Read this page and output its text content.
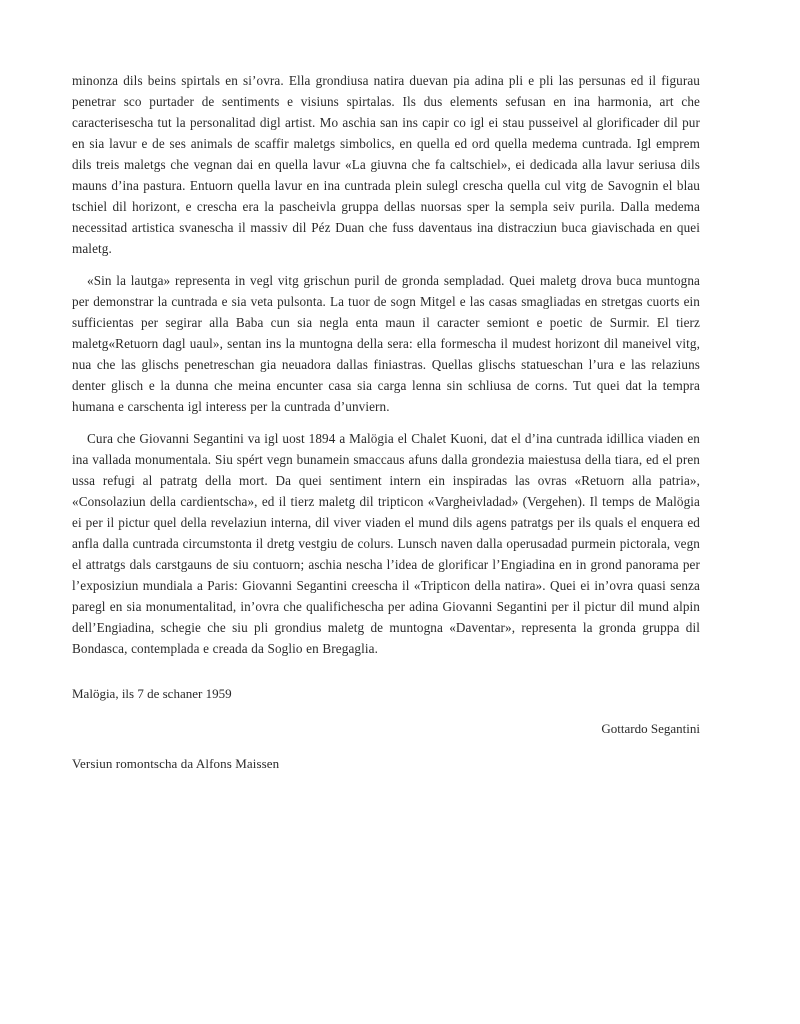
minonza dils beins spirtals en si’ovra. Ella grondiusa natira duevan pia adina pli e pli las persunas ed il figurau penetrar sco purtader de sentiments e visiuns spirtalas. Ils dus elements sefusan en ina harmonia, art che caracterisescha tut la personalitad digl artist. Mo aschia san ins capir co igl ei stau pusseivel al glorificader dil pur en sia lavur e de ses animals de scaffir maletgs simbolics, en quella ed ord quella medema cuntrada. Igl emprem dils treis maletgs che vegnan dai en quella lavur «La giuvna che fa caltschiel», ei dedicada alla lavur seriusa dils mauns d’ina pastura. Entuorn quella lavur en ina cuntrada plein sulegl crescha quella cul vitg de Savognin el blau tschiel dil horizont, e crescha era la pascheivla gruppa dellas nuorsas sper la sempla seiv purila. Dalla medema necessitad artistica svanescha il massiv dil Péz Duan che fuss daventaus ina distracziun buca giavischada en quei maletg.

«Sin la lautga» representa in vegl vitg grischun puril de gronda sempladad. Quei maletg drova buca muntogna per demonstrar la cuntrada e sia veta pulsonta. La tuor de sogn Mitgel e las casas smagliadas en stretgas cuorts ein sufficientas per segirar alla Baba cun sia negla enta maun il caracter semiont e poetic de Surmir. El tierz maletg«Retuorn dagl uaul», sentan ins la muntogna della sera: ella formescha il mudest horizont dil maneivel vitg, nua che las glischs penetreschan gia neuadora dallas finiastras. Quellas glischs statueschan l’ura e las relaziuns denter glisch e la dunna che meina encunter casa sia carga lenna sin schliusa de corns. Tut quei dat la tempra humana e carschenta igl interess per la cuntrada d’unviern.

Cura che Giovanni Segantini va igl uost 1894 a Malögia el Chalet Kuoni, dat el d’ina cuntrada idillica viaden en ina vallada monumentala. Siu spért vegn bunamein smaccaus afuns dalla grondezia maiestusa della tiara, ed el pren ussa refugi al patratg della mort. Da quei sentiment intern ein inspiradas las ovras «Retuorn alla patria», «Consolaziun della cardientscha», ed il tierz maletg dil tripticon «Vargheivladad» (Vergehen). Il temps de Malögia ei per il pictur quel della revelaziun interna, dil viver viaden el mund dils agens patratgs per ils quals el enquera ed anfla dalla cuntrada circumstonta il dretg vestgiu de colurs. Lunsch naven dalla operusadad purmein pictorala, vegn el attratgs dals carstgauns de siu contuorn; aschia nescha l’idea de glorificar l’Engiadina en in grond panorama per l’exposiziun mundiala a Paris: Giovanni Segantini creescha il «Tripticon della natira». Quei ei in’ovra quasi senza paregl en sia monumentalitad, in’ovra che qualifichescha per adina Giovanni Segantini per il pictur dil mund alpin dell’Engiadina, schegie che siu pli grondius maletg de muntogna «Daventar», representa la gronda gruppa dil Bondasca, contemplada e creada da Soglio en Bregaglia.

Malögia, ils 7 de schaner 1959

Gottardo Segantini

Versiun romontscha da Alfons Maissen
